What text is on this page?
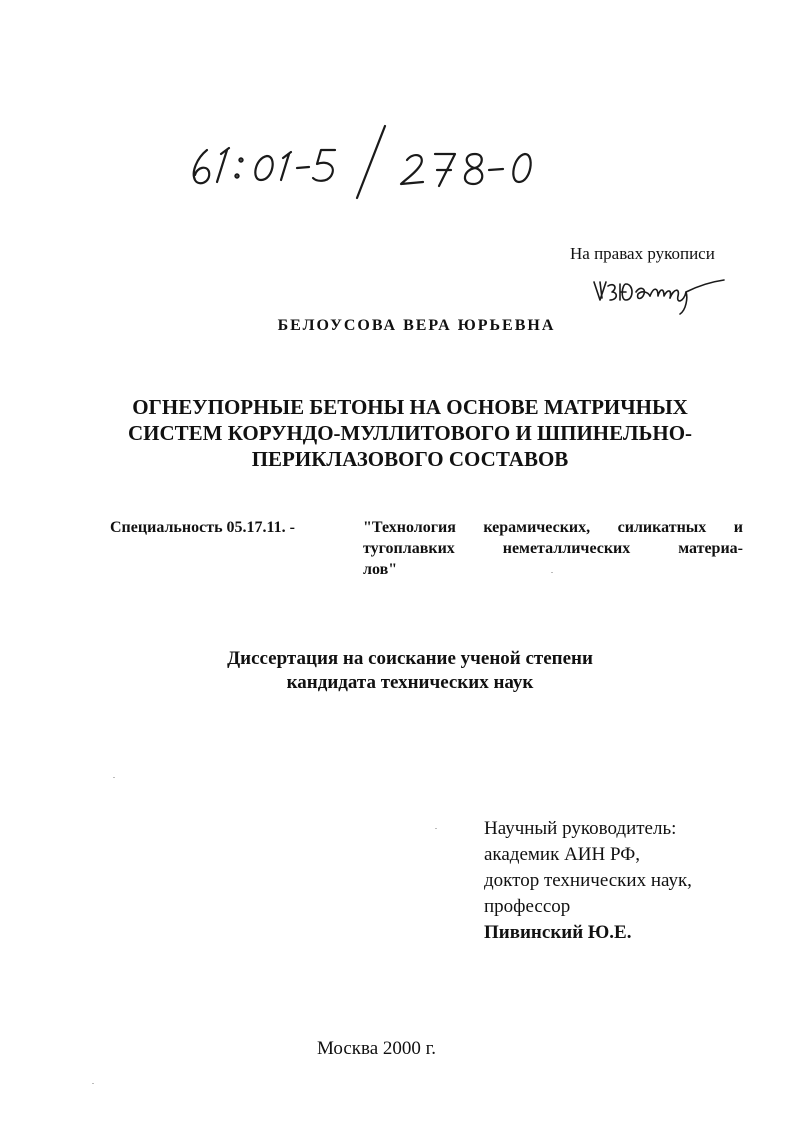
На правах рукописи
БЕЛОУСОВА ВЕРА ЮРЬЕВНА
ОГНЕУПОРНЫЕ БЕТОНЫ НА ОСНОВЕ МАТРИЧНЫХ
СИСТЕМ КОРУНДО-МУЛЛИТОВОГО И ШПИНЕЛЬНО-
ПЕРИКЛАЗОВОГО СОСТАВОВ
Специальность 05.17.11. -	"Технология керамических, силикатных и
тугоплавких неметаллических материа-
лов"
Диссертация на соискание ученой степени
кандидата технических наук
Научный руководитель:
академик АИН РФ,
доктор технических наук,
профессор
Пивинский Ю.Е.
Москва 2000 г.
